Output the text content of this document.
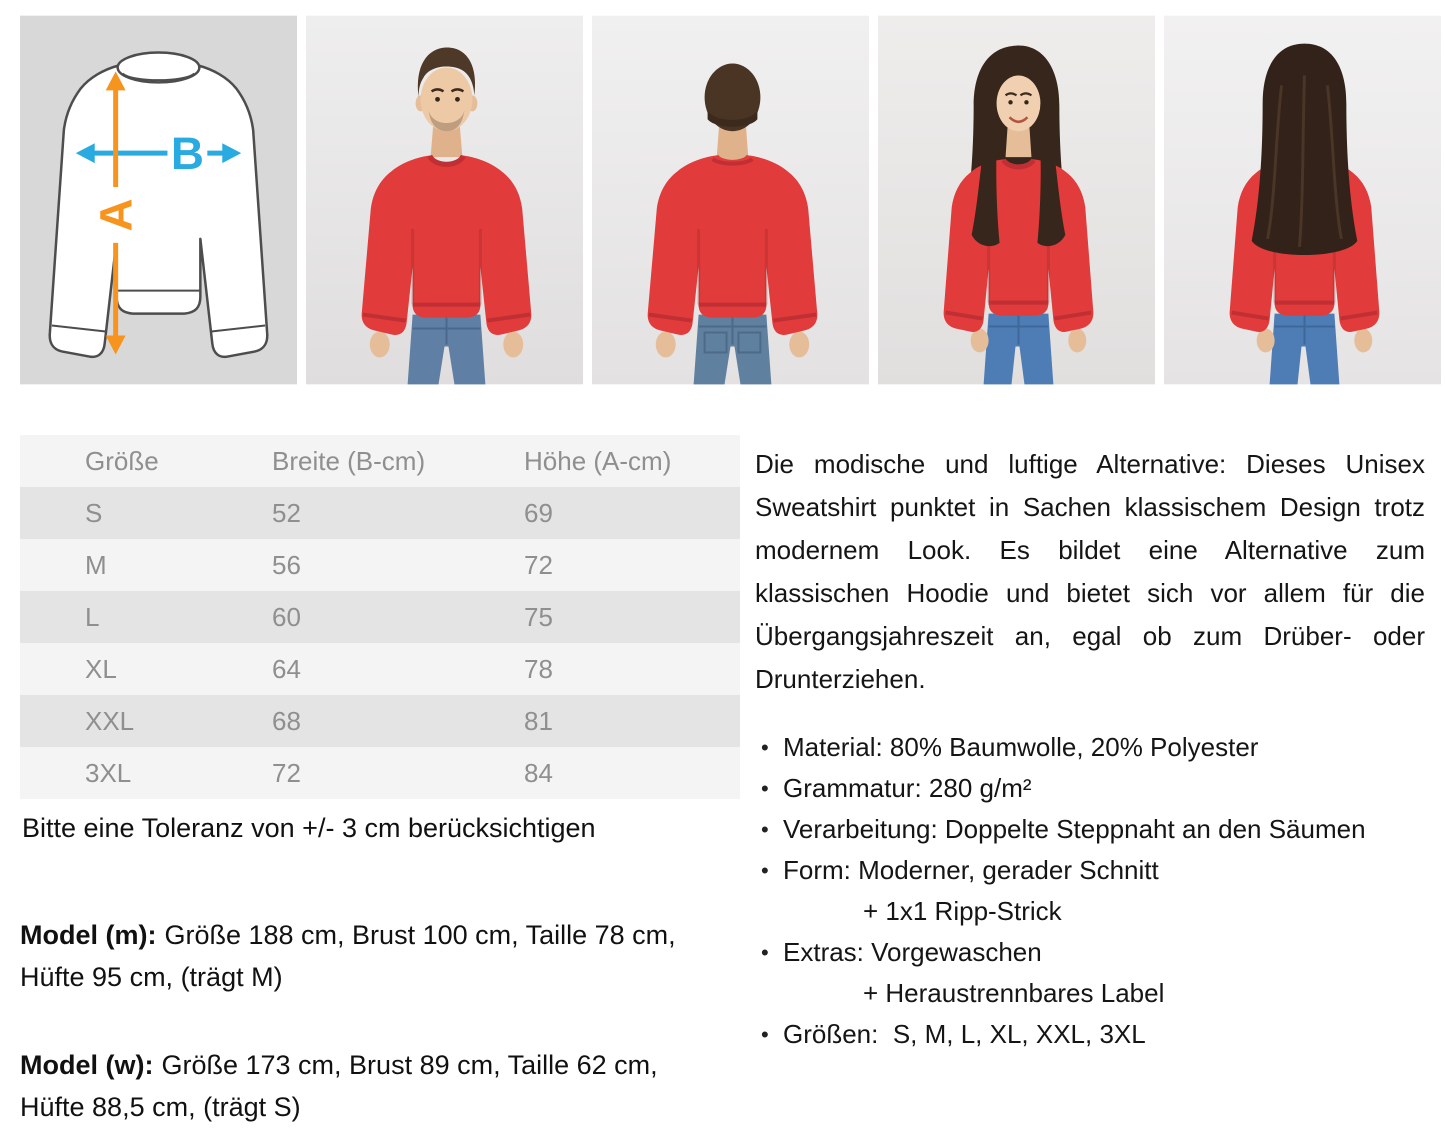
B
A
Größe	Breite (B-cm)	Höhe (A-cm)
S	52	69
M	56	72
L	60	75
XL	64	78
XXL	68	81
3XL	72	84
Bitte eine Toleranz von +/- 3 cm berücksichtigen
Model (m): Größe 188 cm, Brust 100 cm, Taille 78 cm, Hüfte 95 cm, (trägt M)
Model (w): Größe 173 cm, Brust 89 cm, Taille 62 cm, Hüfte 88,5 cm, (trägt S)

Die modische und luftige Alternative: Dieses Unisex Sweatshirt punktet in Sachen klassischem Design trotz modernem Look. Es bildet eine Alternative zum klassischen Hoodie und bietet sich vor allem für die Übergangsjahreszeit an, egal ob zum Drüber- oder Drunterziehen.

• Material: 80% Baumwolle, 20% Polyester
• Grammatur: 280 g/m²
• Verarbeitung: Doppelte Steppnaht an den Säumen
• Form: Moderner, gerader Schnitt
+ 1x1 Ripp-Strick
• Extras: Vorgewaschen
+ Heraustrennbares Label
• Größen:  S, M, L, XL, XXL, 3XL
